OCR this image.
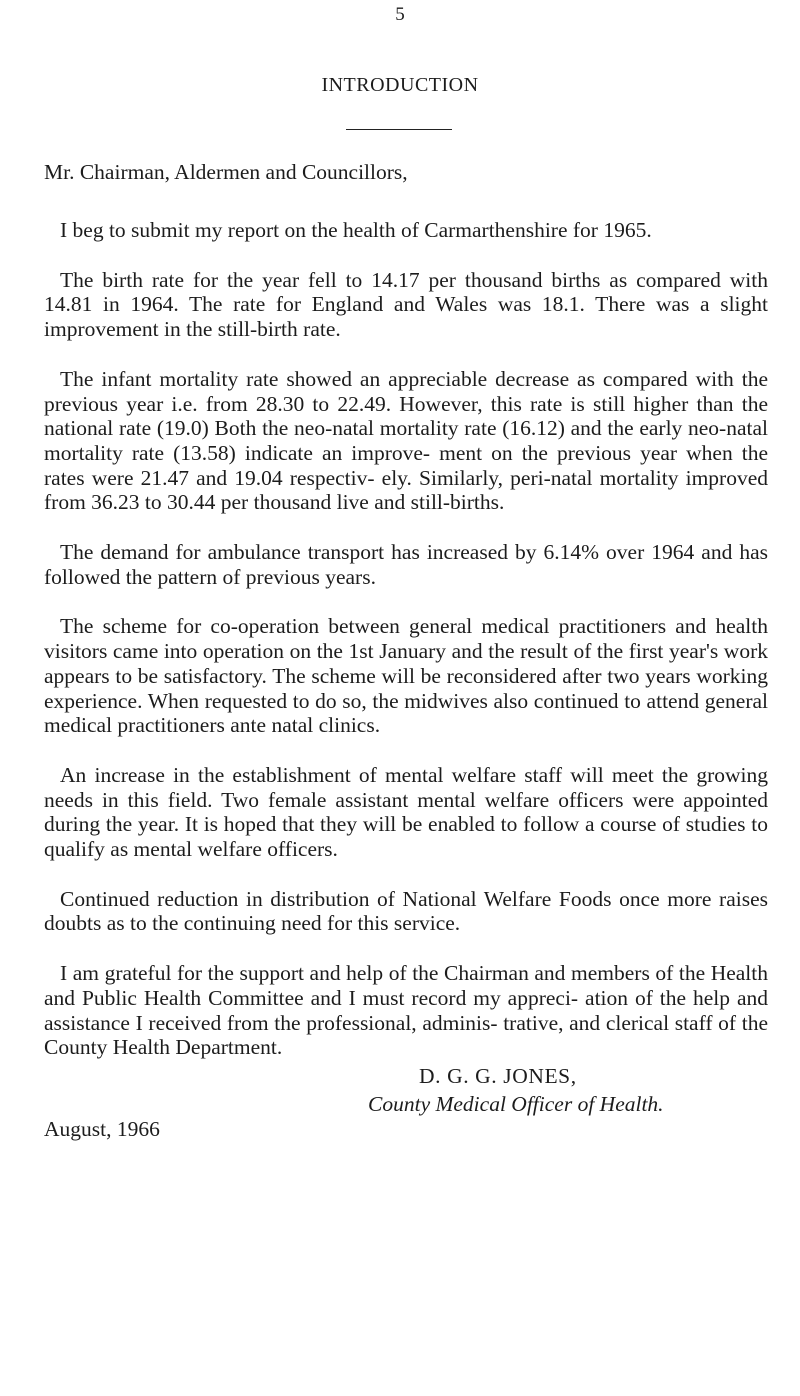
5
INTRODUCTION
Mr. Chairman, Aldermen and Councillors,

I beg to submit my report on the health of Carmarthenshire for 1965.

The birth rate for the year fell to 14.17 per thousand births as compared with 14.81 in 1964. The rate for England and Wales was 18.1. There was a slight improvement in the still-birth rate.

The infant mortality rate showed an appreciable decrease as compared with the previous year i.e. from 28.30 to 22.49. However, this rate is still higher than the national rate (19.0) Both the neo-natal mortality rate (16.12) and the early neo-natal mortality rate (13.58) indicate an improve- ment on the previous year when the rates were 21.47 and 19.04 respectiv- ely. Similarly, peri-natal mortality improved from 36.23 to 30.44 per thousand live and still-births.

The demand for ambulance transport has increased by 6.14% over 1964 and has followed the pattern of previous years.

The scheme for co-operation between general medical practitioners and health visitors came into operation on the 1st January and the result of the first year's work appears to be satisfactory. The scheme will be reconsidered after two years working experience. When requested to do so, the midwives also continued to attend general medical practitioners ante natal clinics.

An increase in the establishment of mental welfare staff will meet the growing needs in this field. Two female assistant mental welfare officers were appointed during the year. It is hoped that they will be enabled to follow a course of studies to qualify as mental welfare officers.

Continued reduction in distribution of National Welfare Foods once more raises doubts as to the continuing need for this service.

I am grateful for the support and help of the Chairman and members of the Health and Public Health Committee and I must record my appreci- ation of the help and assistance I received from the professional, adminis- trative, and clerical staff of the County Health Department.

D. G. G. JONES,
County Medical Officer of Health.
August, 1966
